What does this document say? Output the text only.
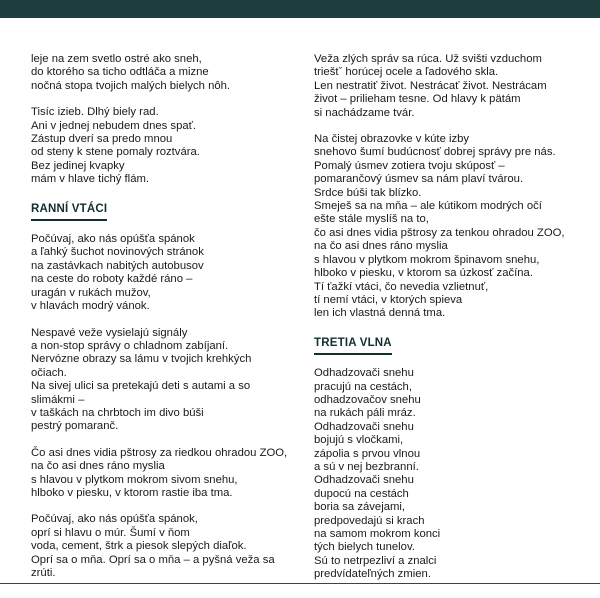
leje na zem svetlo ostré ako sneh,
do ktorého sa ticho odtláča a mizne
nočná stopa tvojich malých bielych nôh.
Tisíc izieb. Dlhý biely rad.
Ani v jednej nebudem dnes spať.
Zástup dverí sa predo mnou
od steny k stene pomaly roztvára.
Bez jedinej kvapky
mám v hlave tichý flám.
RANNÍ VTÁCI
Počúvaj, ako nás opúšťa spánok
a ľahký šuchot novinových stránok
na zastávkach nabitých autobusov
na ceste do roboty každé ráno –
uragán v rukách mužov,
v hlavách modrý vánok.
Nespavé veže vysielajú signály
a non-stop správy o chladnom zabíjaní.
Nervózne obrazy sa lámu v tvojich krehkých
očiach.
Na sivej ulici sa pretekajú deti s autami a so
slimákmi –
v taškách na chrbtoch im divo búši
pestrý pomaranč.
Čo asi dnes vidia pštrosy za riedkou ohradou ZOO,
na čo asi dnes ráno myslia
s hlavou v plytkom mokrom sivom snehu,
hlboko v piesku, v ktorom rastie iba tma.
Počúvaj, ako nás opúšťa spánok,
oprí si hlavu o múr. Šumí v ňom
voda, cement, štrk a piesok slepých diaľok.
Oprí sa o mňa. Oprí sa o mňa – a pyšná veža sa
zrúti.
Veža zlých správ sa rúca. Už svišti vzduchom
trieštˇ horúcej ocele a ľadového skla.
Len nestratiť život. Nestrácať život. Nestrácam
život – prilieham tesne. Od hlavy k pätám
si nachádzame tvár.
Na čistej obrazovke v kúte izby
snehovo šumí budúcnosť dobrej správy pre nás.
Pomalý úsmev zotiera tvoju skúposť –
pomarančový úsmev sa nám plaví tvárou.
Srdce búši tak blízko.
Smeješ sa na mňa – ale kútikom modrých očí
ešte stále myslíš na to,
čo asi dnes vidia pštrosy za tenkou ohradou ZOO,
na čo asi dnes ráno myslia
s hlavou v plytkom mokrom špinavom snehu,
hlboko v piesku, v ktorom sa úzkosť začína.
Tí ťažkí vtáci, čo nevedia vzlietnuť,
tí nemí vtáci, v ktorých spieva
len ich vlastná denná tma.
TRETIA VLNA
Odhadzovači snehu
pracujú na cestách,
odhadzovačov snehu
na rukách páli mráz.
Odhadzovači snehu
bojujú s vločkami,
zápolia s prvou vlnou
a sú v nej bezbranní.
Odhadzovači snehu
dupocú na cestách
boria sa závejami,
predpovedajú si krach
na samom mokrom konci
tých bielych tunelov.
Sú to netrpezliví a znalci
predvídateľných zmien.
